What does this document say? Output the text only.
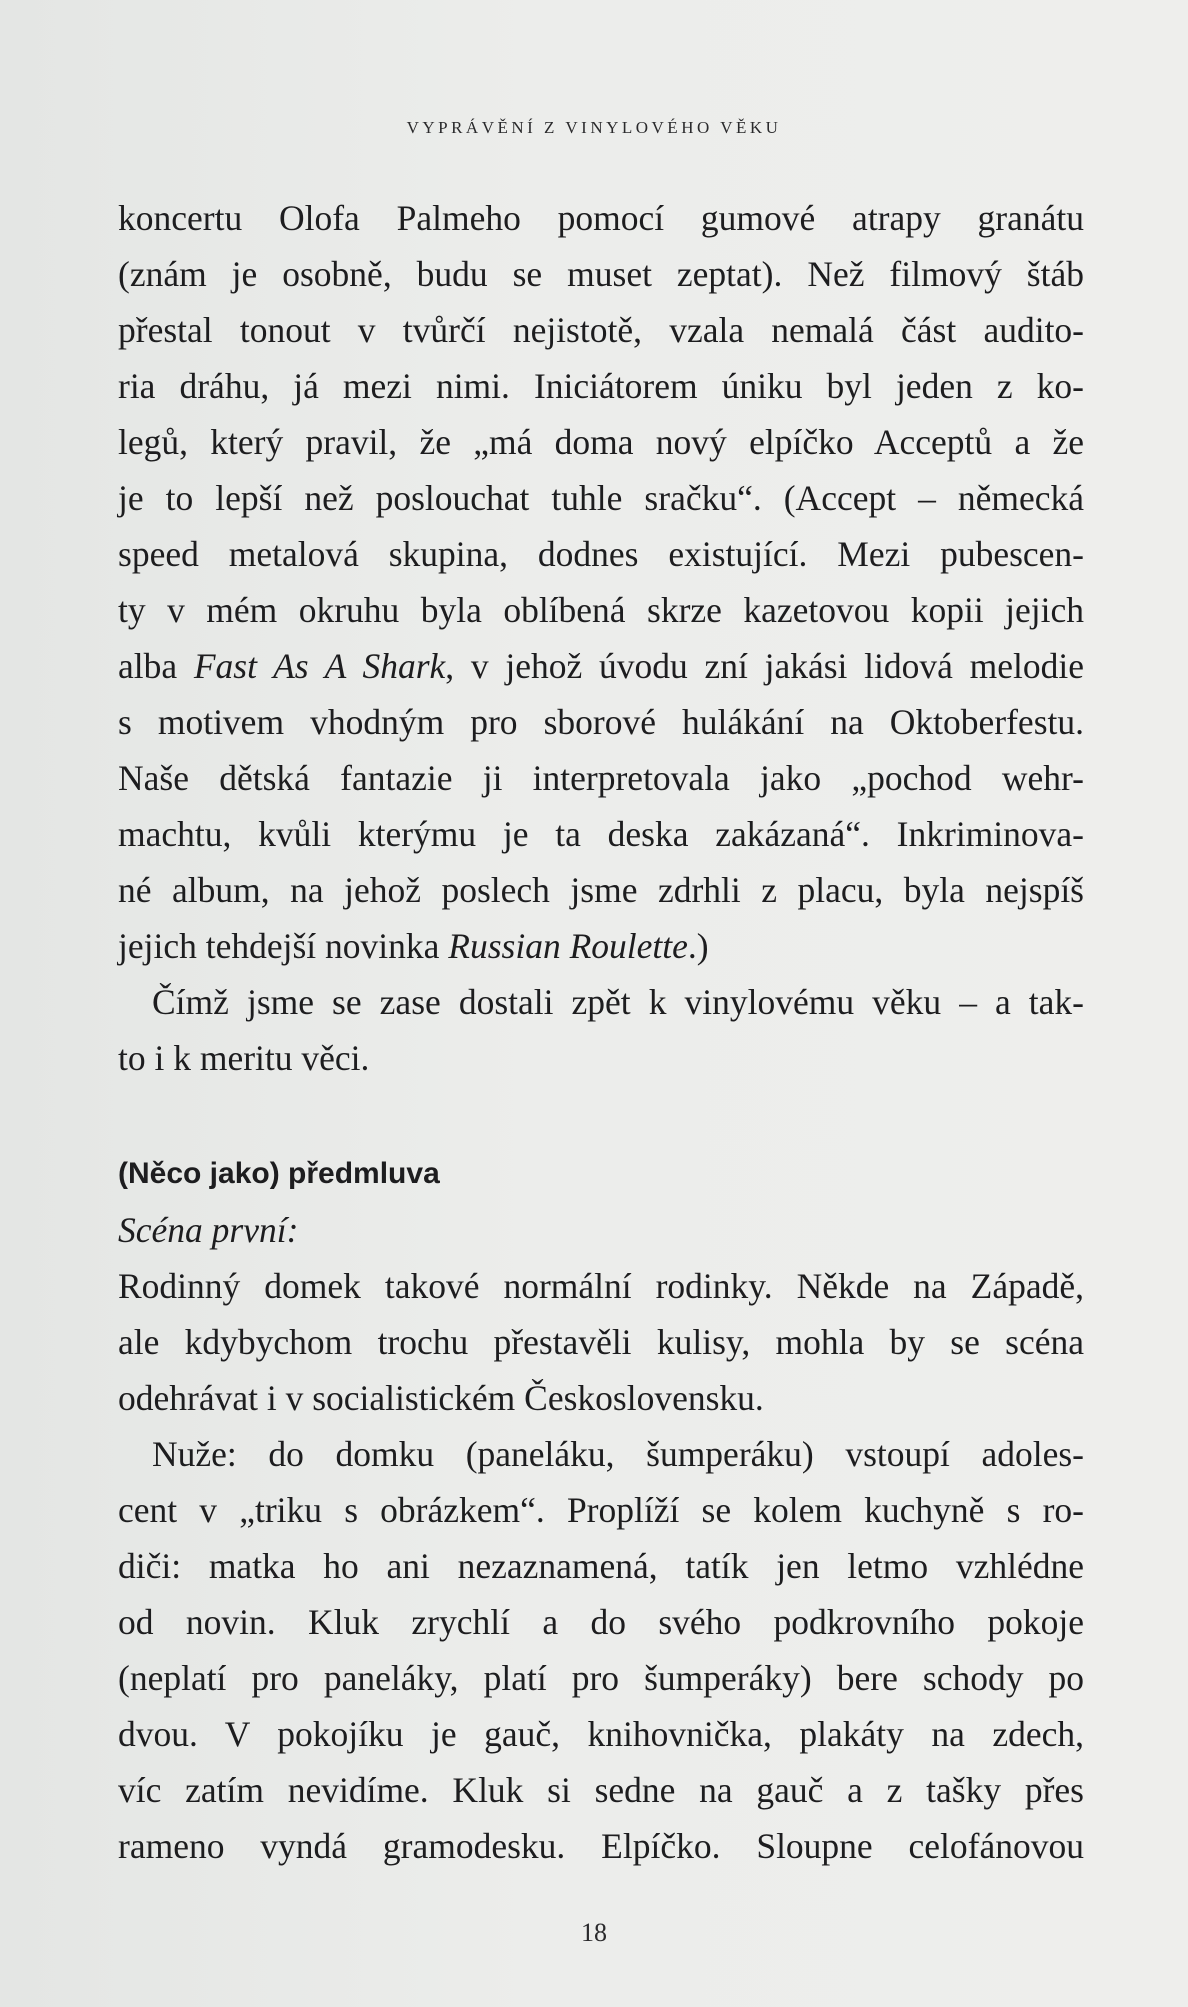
VYPRÁVĚNÍ Z VINYLOVÉHO VĚKU
koncertu Olofa Palmeho pomocí gumové atrapy granátu
(znám je osobně, budu se muset zeptat). Než filmový štáb
přestal tonout v tvůrčí nejistotě, vzala nemalá část audito-
ria dráhu, já mezi nimi. Iniciátorem úniku byl jeden z ko-
legů, který pravil, že „má doma nový elpíčko Acceptů a že
je to lepší než poslouchat tuhle sračku“. (Accept – německá
speed metalová skupina, dodnes existující. Mezi pubescen-
ty v mém okruhu byla oblíbená skrze kazetovou kopii jejich
alba Fast As A Shark, v jehož úvodu zní jakási lidová melodie
s motivem vhodným pro sborové hulákání na Oktoberfestu.
Naše dětská fantazie ji interpretovala jako „pochod wehr-
machtu, kvůli kterýmu je ta deska zakázaná“. Inkriminova-
né album, na jehož poslech jsme zdrhli z placu, byla nejspíš
jejich tehdejší novinka Russian Roulette.)
Čímž jsme se zase dostali zpět k vinylovému věku – a tak-
to i k meritu věci.
(Něco jako) předmluva
Scéna první:
Rodinný domek takové normální rodinky. Někde na Západě,
ale kdybychom trochu přestavěli kulisy, mohla by se scéna
odehrávat i v socialistickém Československu.
Nuže: do domku (paneláku, šumperáku) vstoupí adoles-
cent v „triku s obrázkem“. Proplíží se kolem kuchyně s ro-
diči: matka ho ani nezaznamená, tatík jen letmo vzhlédne
od novin. Kluk zrychlí a do svého podkrovního pokoje
(neplatí pro paneláky, platí pro šumperáky) bere schody po
dvou. V pokojíku je gauč, knihovnička, plakáty na zdech,
víc zatím nevidíme. Kluk si sedne na gauč a z tašky přes
rameno vyndá gramodesku. Elpíčko. Sloupne celofánovou
18
